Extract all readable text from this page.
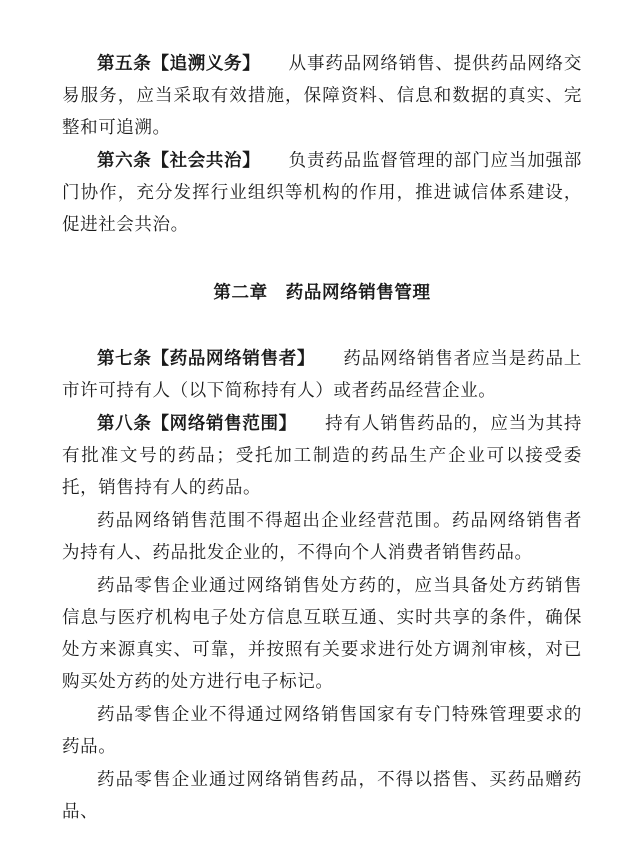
第五条【追溯义务】 从事药品网络销售、提供药品网络交易服务，应当采取有效措施，保障资料、信息和数据的真实、完整和可追溯。

第六条【社会共治】 负责药品监督管理的部门应当加强部门协作，充分发挥行业组织等机构的作用，推进诚信体系建设，促进社会共治。

第二章　药品网络销售管理

第七条【药品网络销售者】 药品网络销售者应当是药品上市许可持有人（以下简称持有人）或者药品经营企业。

第八条【网络销售范围】 持有人销售药品的，应当为其持有批准文号的药品；受托加工制造的药品生产企业可以接受委托，销售持有人的药品。

药品网络销售范围不得超出企业经营范围。药品网络销售者为持有人、药品批发企业的，不得向个人消费者销售药品。

药品零售企业通过网络销售处方药的，应当具备处方药销售信息与医疗机构电子处方信息互联互通、实时共享的条件，确保处方来源真实、可靠，并按照有关要求进行处方调剂审核，对已购买处方药的处方进行电子标记。

药品零售企业不得通过网络销售国家有专门特殊管理要求的药品。

药品零售企业通过网络销售药品，不得以搭售、买药品赠药品、
